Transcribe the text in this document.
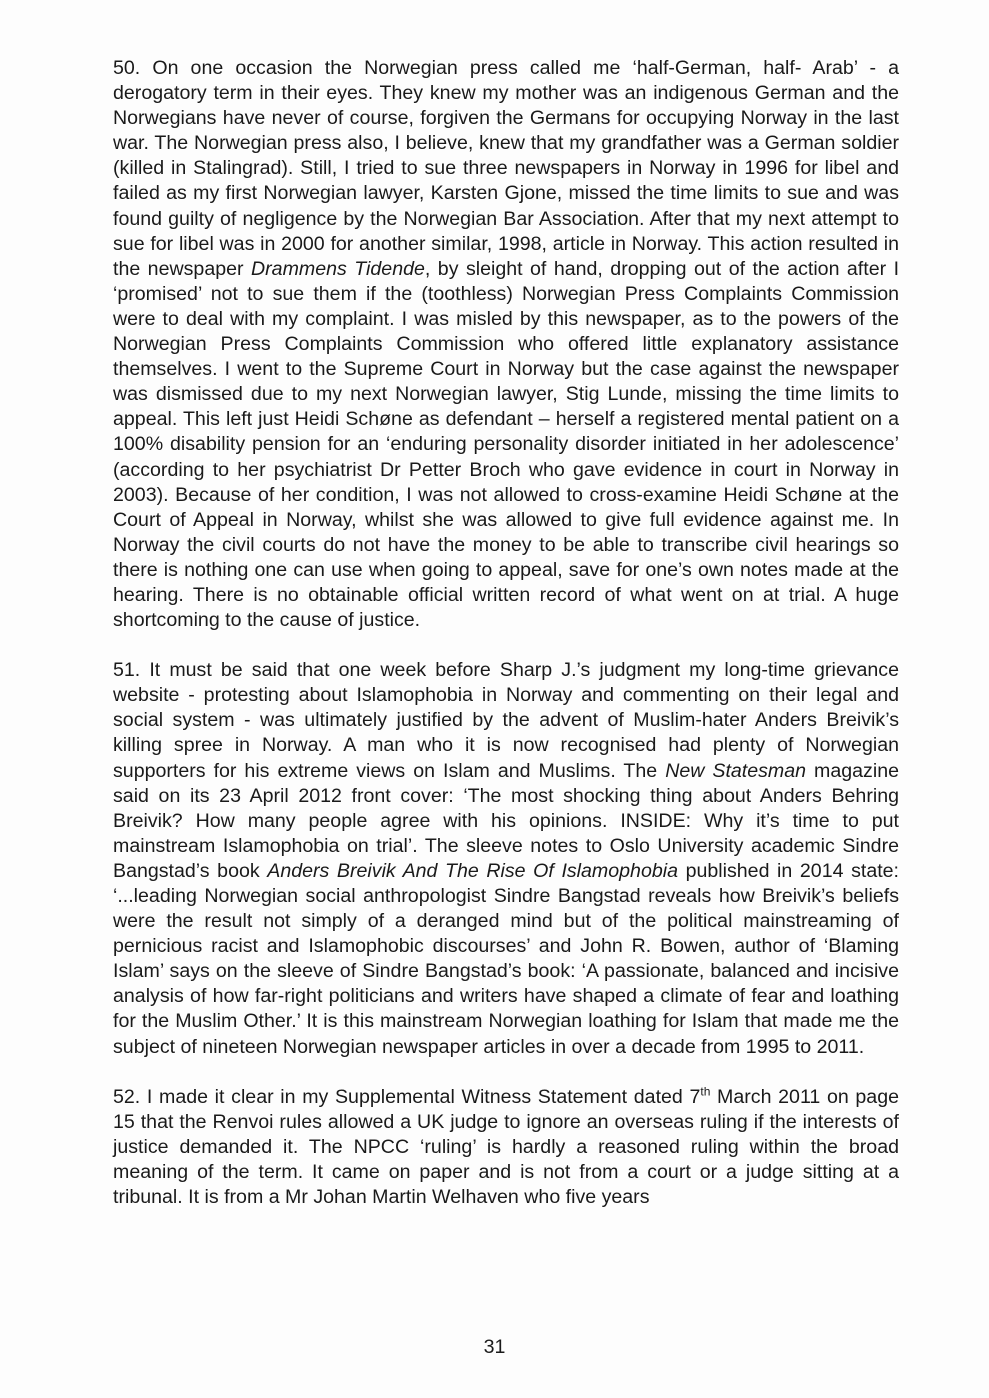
50. On one occasion the Norwegian press called me ‘half-German, half- Arab’ - a derogatory term in their eyes. They knew my mother was an indigenous German and the Norwegians have never of course, forgiven the Germans for occupying Norway in the last war. The Norwegian press also, I believe, knew that my grandfather was a German soldier (killed in Stalingrad). Still, I tried to sue three newspapers in Norway in 1996 for libel and failed as my first Norwegian lawyer, Karsten Gjone, missed the time limits to sue and was found guilty of negligence by the Norwegian Bar Association. After that my next attempt to sue for libel was in 2000 for another similar, 1998, article in Norway. This action resulted in the newspaper Drammens Tidende, by sleight of hand, dropping out of the action after I ‘promised’ not to sue them if the (toothless) Norwegian Press Complaints Commission were to deal with my complaint. I was misled by this newspaper, as to the powers of the Norwegian Press Complaints Commission who offered little explanatory assistance themselves. I went to the Supreme Court in Norway but the case against the newspaper was dismissed due to my next Norwegian lawyer, Stig Lunde, missing the time limits to appeal. This left just Heidi Schøne as defendant – herself a registered mental patient on a 100% disability pension for an ‘enduring personality disorder initiated in her adolescence’ (according to her psychiatrist Dr Petter Broch who gave evidence in court in Norway in 2003). Because of her condition, I was not allowed to cross-examine Heidi Schøne at the Court of Appeal in Norway, whilst she was allowed to give full evidence against me. In Norway the civil courts do not have the money to be able to transcribe civil hearings so there is nothing one can use when going to appeal, save for one’s own notes made at the hearing. There is no obtainable official written record of what went on at trial. A huge shortcoming to the cause of justice.

51. It must be said that one week before Sharp J.’s judgment my long-time grievance website - protesting about Islamophobia in Norway and commenting on their legal and social system - was ultimately justified by the advent of Muslim-hater Anders Breivik’s killing spree in Norway. A man who it is now recognised had plenty of Norwegian supporters for his extreme views on Islam and Muslims. The New Statesman magazine said on its 23 April 2012 front cover: ‘The most shocking thing about Anders Behring Breivik? How many people agree with his opinions. INSIDE: Why it’s time to put mainstream Islamophobia on trial’. The sleeve notes to Oslo University academic Sindre Bangstad’s book Anders Breivik And The Rise Of Islamophobia published in 2014 state: ‘...leading Norwegian social anthropologist Sindre Bangstad reveals how Breivik’s beliefs were the result not simply of a deranged mind but of the political mainstreaming of pernicious racist and Islamophobic discourses’ and John R. Bowen, author of ‘Blaming Islam’ says on the sleeve of Sindre Bangstad’s book: ‘A passionate, balanced and incisive analysis of how far-right politicians and writers have shaped a climate of fear and loathing for the Muslim Other.’ It is this mainstream Norwegian loathing for Islam that made me the subject of nineteen Norwegian newspaper articles in over a decade from 1995 to 2011.

52. I made it clear in my Supplemental Witness Statement dated 7th March 2011 on page 15 that the Renvoi rules allowed a UK judge to ignore an overseas ruling if the interests of justice demanded it. The NPCC ‘ruling’ is hardly a reasoned ruling within the broad meaning of the term. It came on paper and is not from a court or a judge sitting at a tribunal. It is from a Mr Johan Martin Welhaven who five years

31
